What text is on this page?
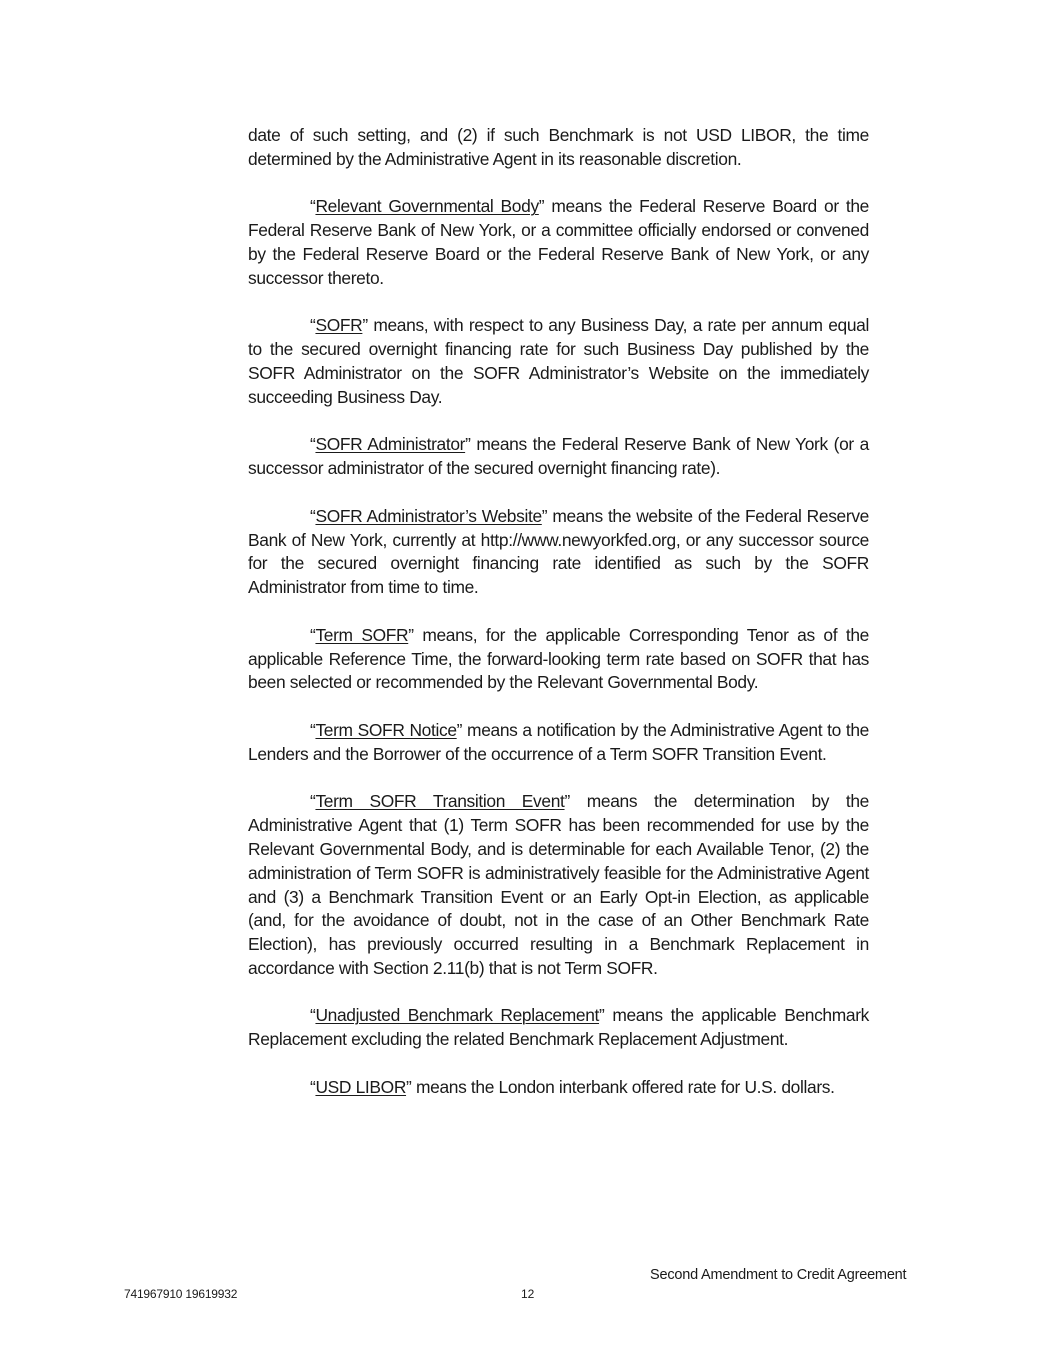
date of such setting, and (2) if such Benchmark is not USD LIBOR, the time determined by the Administrative Agent in its reasonable discretion.

“Relevant Governmental Body” means the Federal Reserve Board or the Federal Reserve Bank of New York, or a committee officially endorsed or convened by the Federal Reserve Board or the Federal Reserve Bank of New York, or any successor thereto.

“SOFR” means, with respect to any Business Day, a rate per annum equal to the secured overnight financing rate for such Business Day published by the SOFR Administrator on the SOFR Administrator’s Website on the immediately succeeding Business Day.

“SOFR Administrator” means the Federal Reserve Bank of New York (or a successor administrator of the secured overnight financing rate).

“SOFR Administrator’s Website” means the website of the Federal Reserve Bank of New York, currently at http://www.newyorkfed.org, or any successor source for the secured overnight financing rate identified as such by the SOFR Administrator from time to time.

“Term SOFR” means, for the applicable Corresponding Tenor as of the applicable Reference Time, the forward-looking term rate based on SOFR that has been selected or recommended by the Relevant Governmental Body.

“Term SOFR Notice” means a notification by the Administrative Agent to the Lenders and the Borrower of the occurrence of a Term SOFR Transition Event.

“Term SOFR Transition Event” means the determination by the Administrative Agent that (1) Term SOFR has been recommended for use by the Relevant Governmental Body, and is determinable for each Available Tenor, (2) the administration of Term SOFR is administratively feasible for the Administrative Agent and (3) a Benchmark Transition Event or an Early Opt-in Election, as applicable (and, for the avoidance of doubt, not in the case of an Other Benchmark Rate Election), has previously occurred resulting in a Benchmark Replacement in accordance with Section 2.11(b) that is not Term SOFR.

“Unadjusted Benchmark Replacement” means the applicable Benchmark Replacement excluding the related Benchmark Replacement Adjustment.

“USD LIBOR” means the London interbank offered rate for U.S. dollars.

Second Amendment to Credit Agreement
741967910 19619932	12
